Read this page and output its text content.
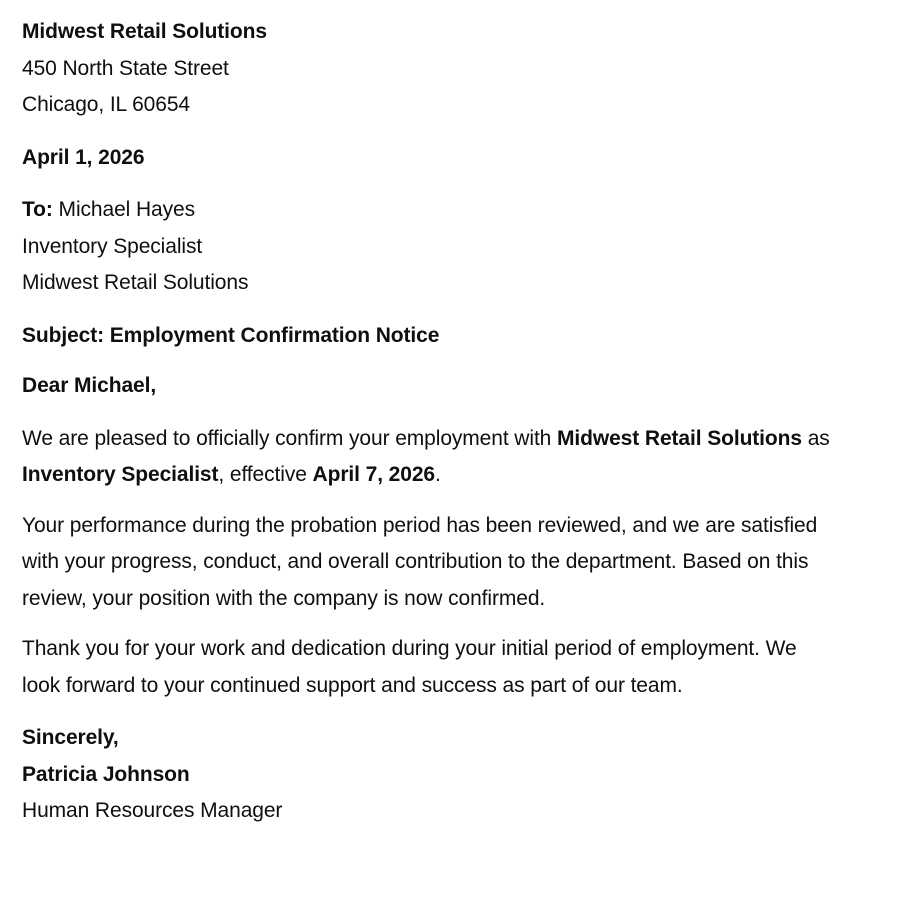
Midwest Retail Solutions
450 North State Street
Chicago, IL 60654
April 1, 2026
To: Michael Hayes
Inventory Specialist
Midwest Retail Solutions
Subject: Employment Confirmation Notice
Dear Michael,
We are pleased to officially confirm your employment with Midwest Retail Solutions as Inventory Specialist, effective April 7, 2026.
Your performance during the probation period has been reviewed, and we are satisfied with your progress, conduct, and overall contribution to the department. Based on this review, your position with the company is now confirmed.
Thank you for your work and dedication during your initial period of employment. We look forward to your continued support and success as part of our team.
Sincerely,
Patricia Johnson
Human Resources Manager
